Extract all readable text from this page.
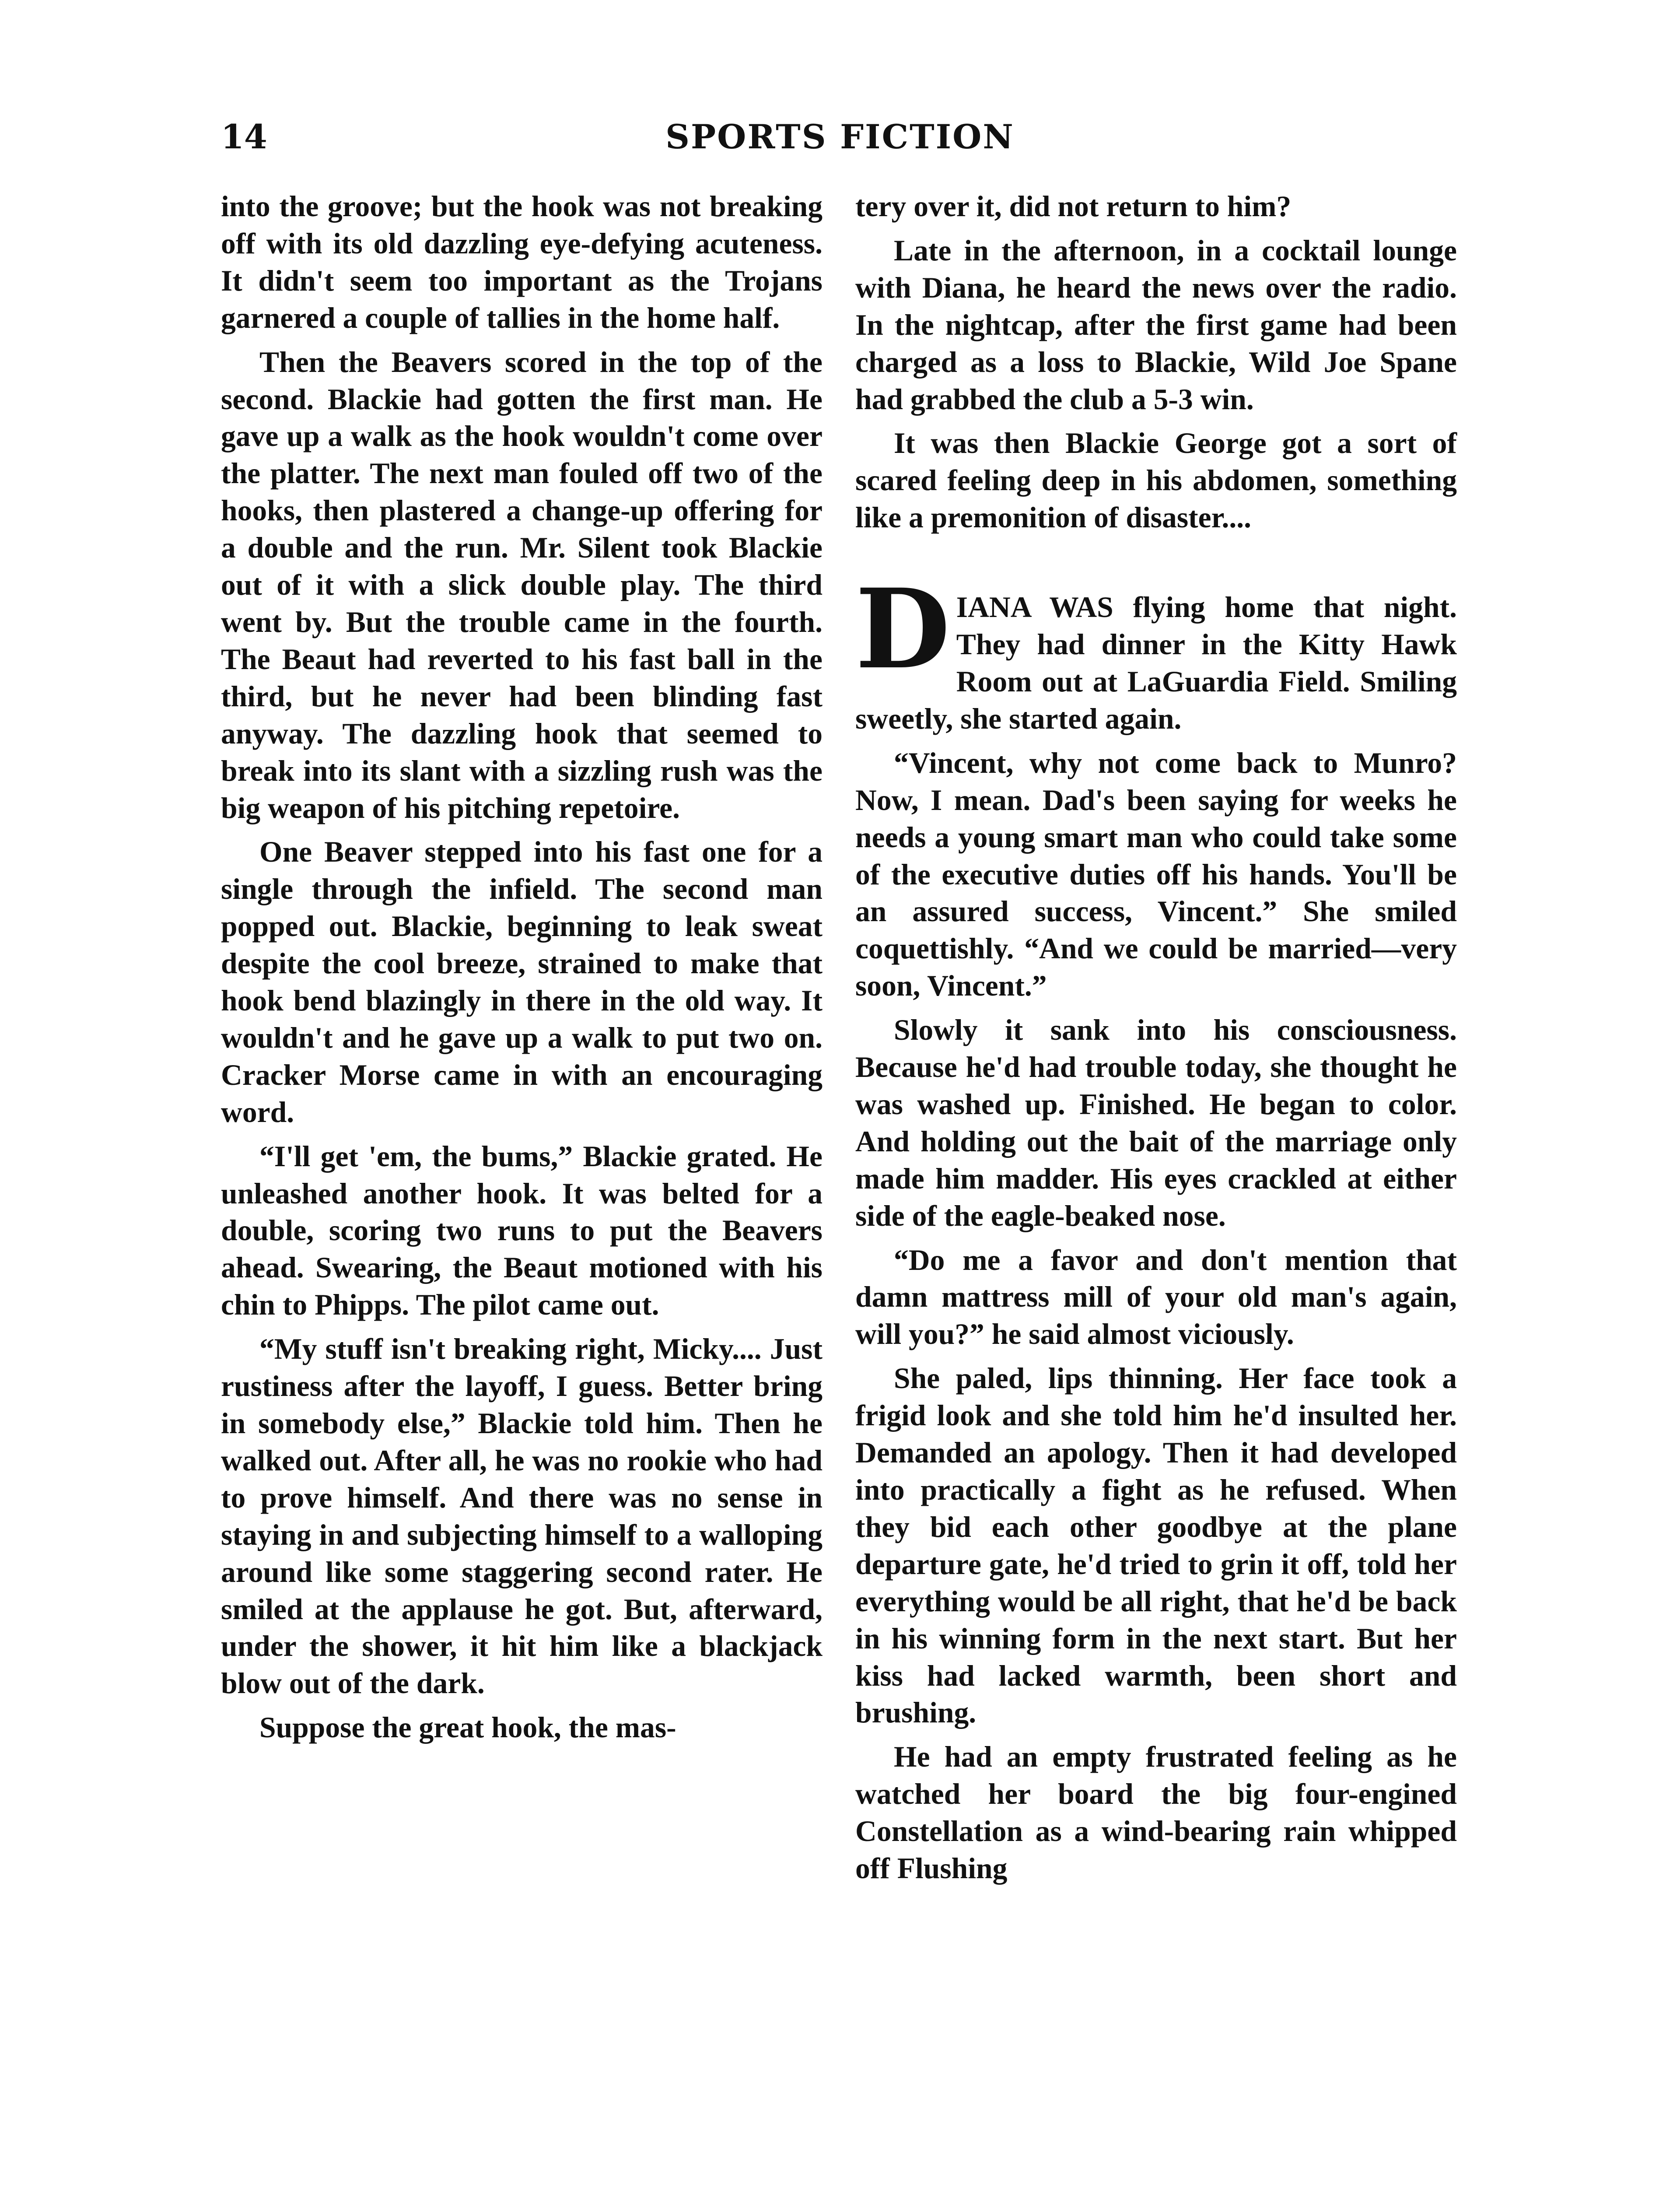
14	SPORTS FICTION

into the groove; but the hook was not breaking off with its old dazzling eye-defying acuteness. It didn't seem too important as the Trojans garnered a couple of tallies in the home half.

Then the Beavers scored in the top of the second. Blackie had gotten the first man. He gave up a walk as the hook wouldn't come over the platter. The next man fouled off two of the hooks, then plastered a change-up offering for a double and the run. Mr. Silent took Blackie out of it with a slick double play. The third went by. But the trouble came in the fourth. The Beaut had reverted to his fast ball in the third, but he never had been blinding fast anyway. The dazzling hook that seemed to break into its slant with a sizzling rush was the big weapon of his pitching repetoire.

One Beaver stepped into his fast one for a single through the infield. The second man popped out. Blackie, beginning to leak sweat despite the cool breeze, strained to make that hook bend blazingly in there in the old way. It wouldn't and he gave up a walk to put two on. Cracker Morse came in with an encouraging word.

“I'll get 'em, the bums,” Blackie grated. He unleashed another hook. It was belted for a double, scoring two runs to put the Beavers ahead. Swearing, the Beaut motioned with his chin to Phipps. The pilot came out.

“My stuff isn't breaking right, Micky.... Just rustiness after the layoff, I guess. Better bring in somebody else,” Blackie told him. Then he walked out. After all, he was no rookie who had to prove himself. And there was no sense in staying in and subjecting himself to a walloping around like some staggering second rater. He smiled at the applause he got. But, afterward, under the shower, it hit him like a blackjack blow out of the dark.

Suppose the great hook, the mas-

tery over it, did not return to him?

Late in the afternoon, in a cocktail lounge with Diana, he heard the news over the radio. In the nightcap, after the first game had been charged as a loss to Blackie, Wild Joe Spane had grabbed the club a 5-3 win.

It was then Blackie George got a sort of scared feeling deep in his abdomen, something like a premonition of disaster....

DIANA WAS flying home that night. They had dinner in the Kitty Hawk Room out at LaGuardia Field. Smiling sweetly, she started again.

“Vincent, why not come back to Munro? Now, I mean. Dad's been saying for weeks he needs a young smart man who could take some of the executive duties off his hands. You'll be an assured success, Vincent.” She smiled coquettishly. “And we could be married—very soon, Vincent.”

Slowly it sank into his consciousness. Because he'd had trouble today, she thought he was washed up. Finished. He began to color. And holding out the bait of the marriage only made him madder. His eyes crackled at either side of the eagle-beaked nose.

“Do me a favor and don't mention that damn mattress mill of your old man's again, will you?” he said almost viciously.

She paled, lips thinning. Her face took a frigid look and she told him he'd insulted her. Demanded an apology. Then it had developed into practically a fight as he refused. When they bid each other goodbye at the plane departure gate, he'd tried to grin it off, told her everything would be all right, that he'd be back in his winning form in the next start. But her kiss had lacked warmth, been short and brushing.

He had an empty frustrated feeling as he watched her board the big four-engined Constellation as a wind-bearing rain whipped off Flushing
